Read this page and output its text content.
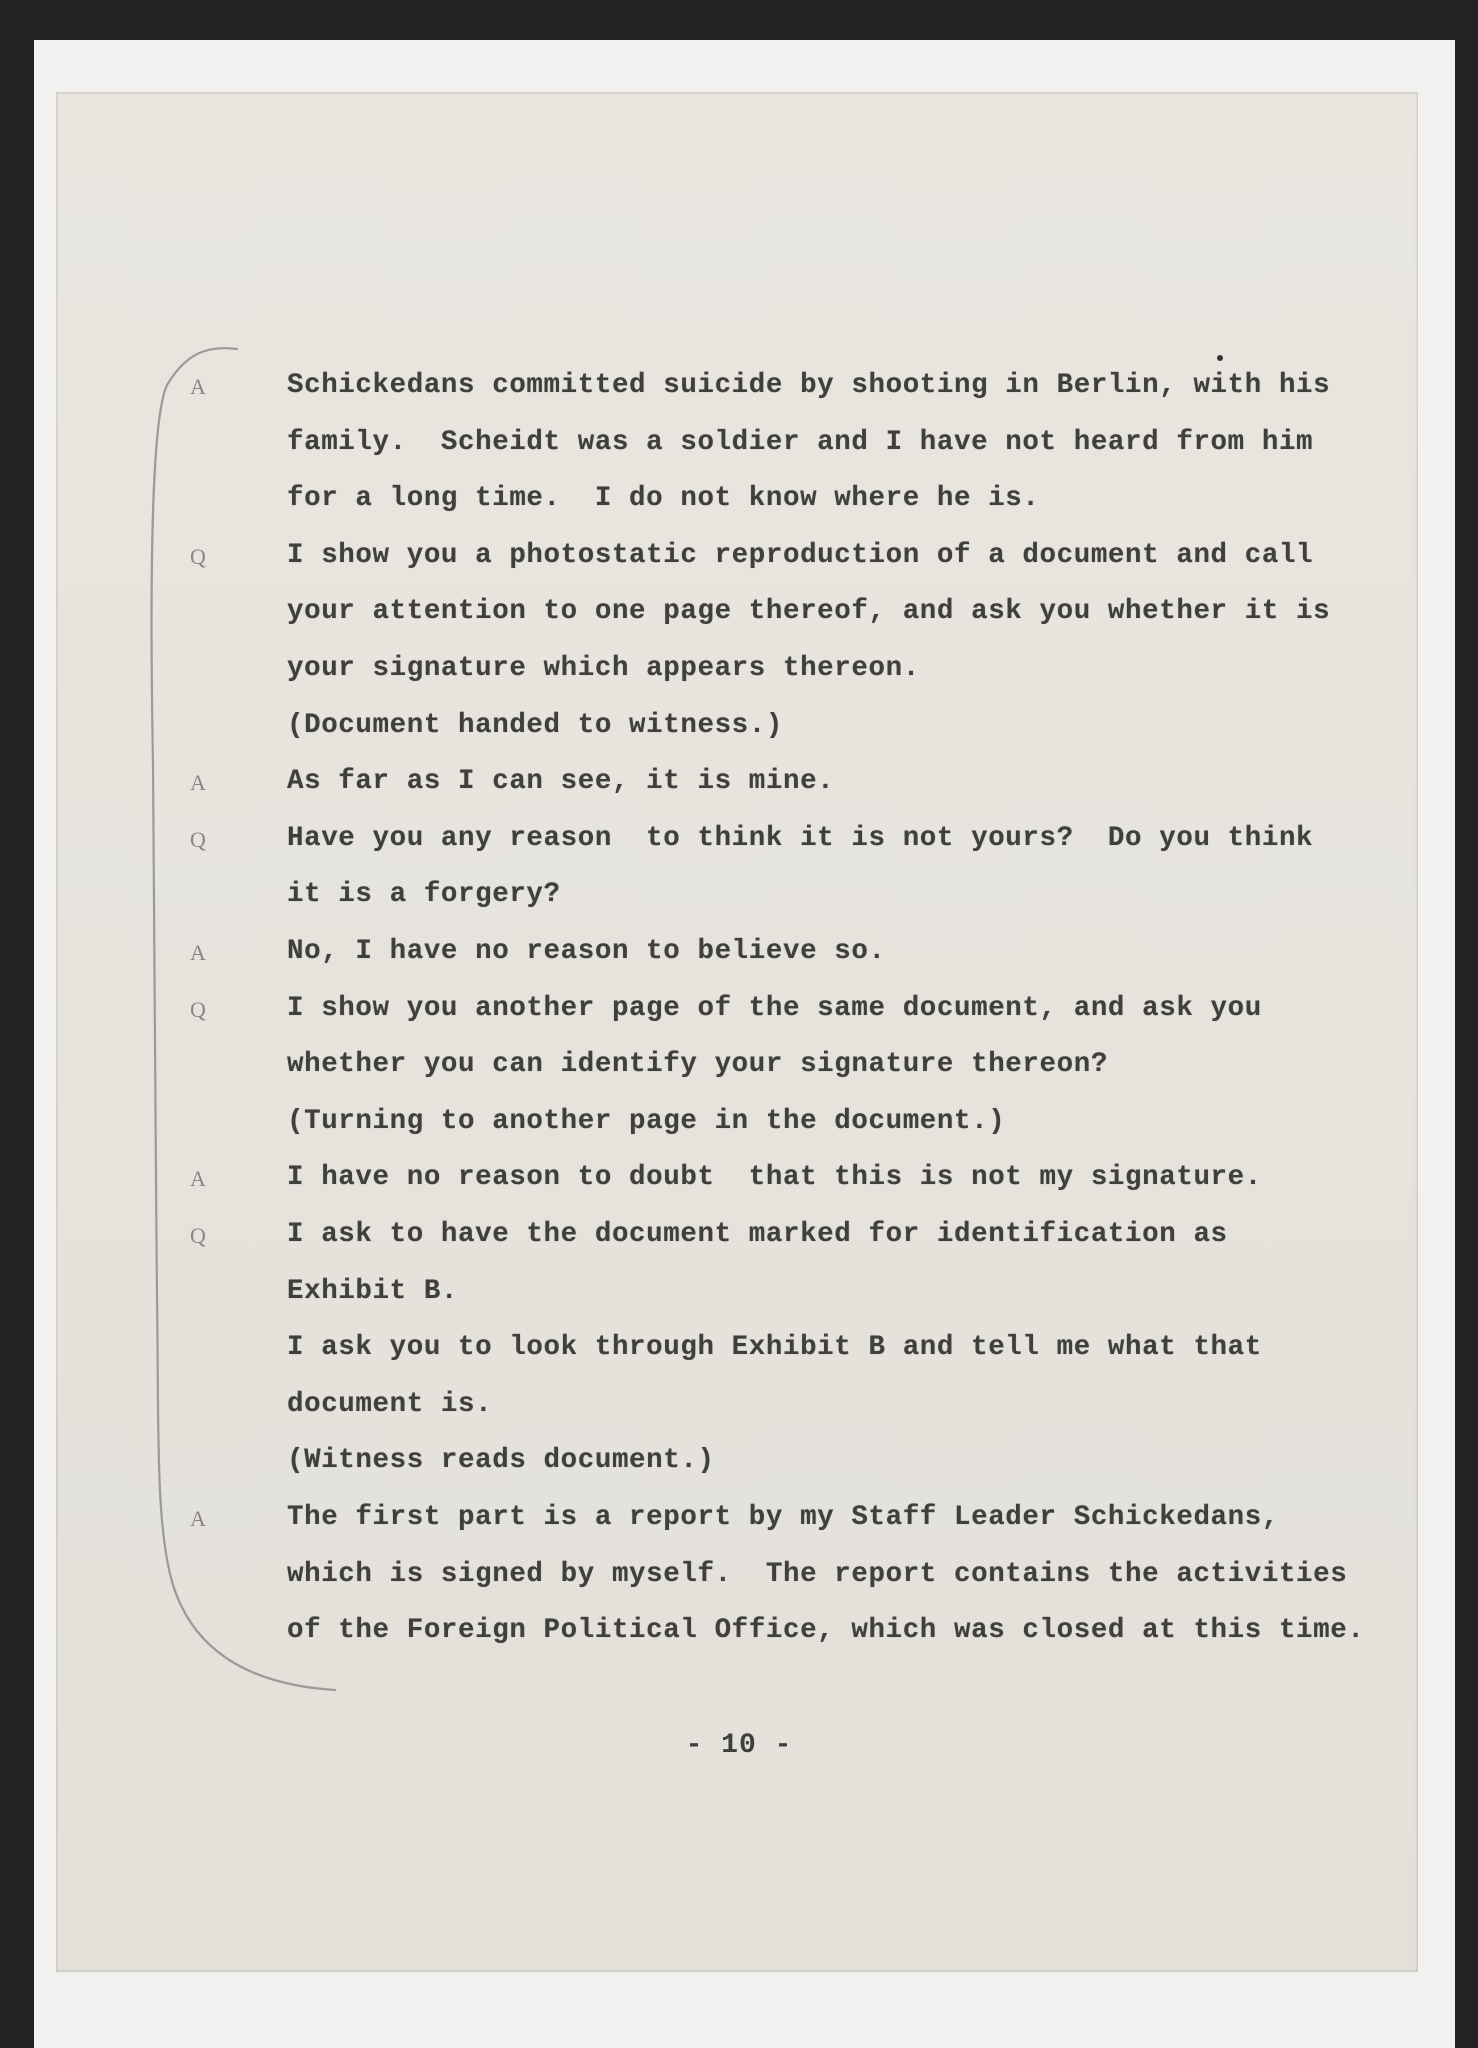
A	Schickedans committed suicide by shooting in Berlin, with his
family.  Scheidt was a soldier and I have not heard from him
for a long time.  I do not know where he is.
Q	I show you a photostatic reproduction of a document and call
your attention to one page thereof, and ask you whether it is
your signature which appears thereon.
(Document handed to witness.)
A	As far as I can see, it is mine.
Q	Have you any reason  to think it is not yours?  Do you think
it is a forgery?
A	No, I have no reason to believe so.
Q	I show you another page of the same document, and ask you
whether you can identify your signature thereon?
(Turning to another page in the document.)
A	I have no reason to doubt  that this is not my signature.
Q	I ask to have the document marked for identification as
Exhibit B.
I ask you to look through Exhibit B and tell me what that
document is.
(Witness reads document.)
A	The first part is a report by my Staff Leader Schickedans,
which is signed by myself.  The report contains the activities
of the Foreign Political Office, which was closed at this time.
- 10 -
